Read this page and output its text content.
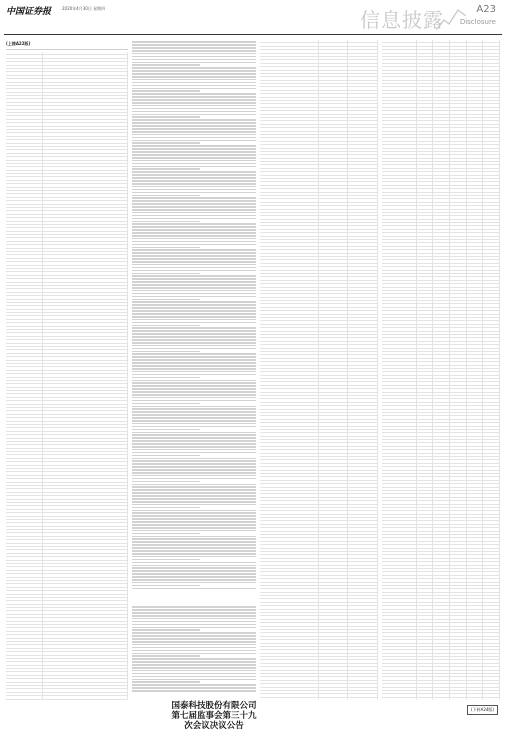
中国证券报	2020年4月30日 星期四	信息披露	A23
Disclosure
(上接A22版)
国泰科技股份有限公司第七届监事会第三十九次会议决议公告
(下转A24版)
